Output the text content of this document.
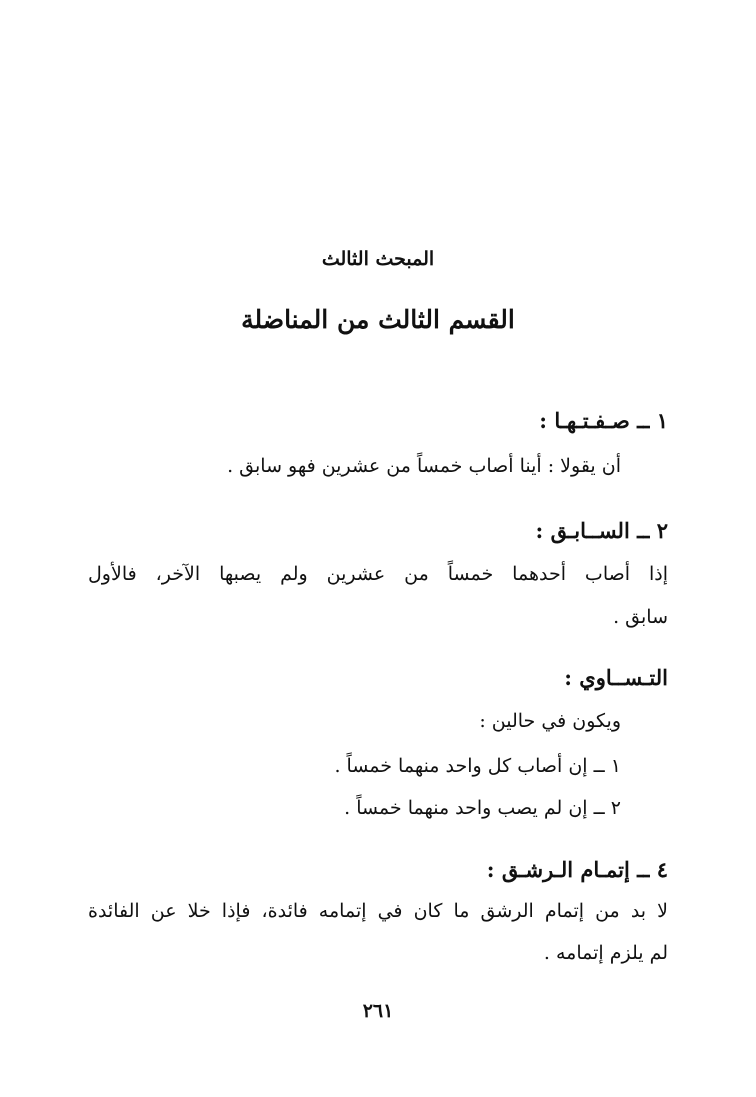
المبحث الثالث
القسم الثالث من المناضلة
١ ــ صـفـتـهـا :
أن يقولا : أينا أصاب خمساً من عشرين فهو سابق .
٢ ــ الســابـق :
إذا أصاب أحدهما خمساً من عشرين ولم يصبها الآخر، فالأول
سابق .
التـســاوي :
ويكون في حالين :
١ ــ إن أصاب كل واحد منهما خمساً .
٢ ــ إن لم يصب واحد منهما خمساً .
٤ ــ إتمـام الـرشـق :
لا بد من إتمام الرشق ما كان في إتمامه فائدة، فإذا خلا عن الفائدة
لم يلزم إتمامه .
٢٦١
